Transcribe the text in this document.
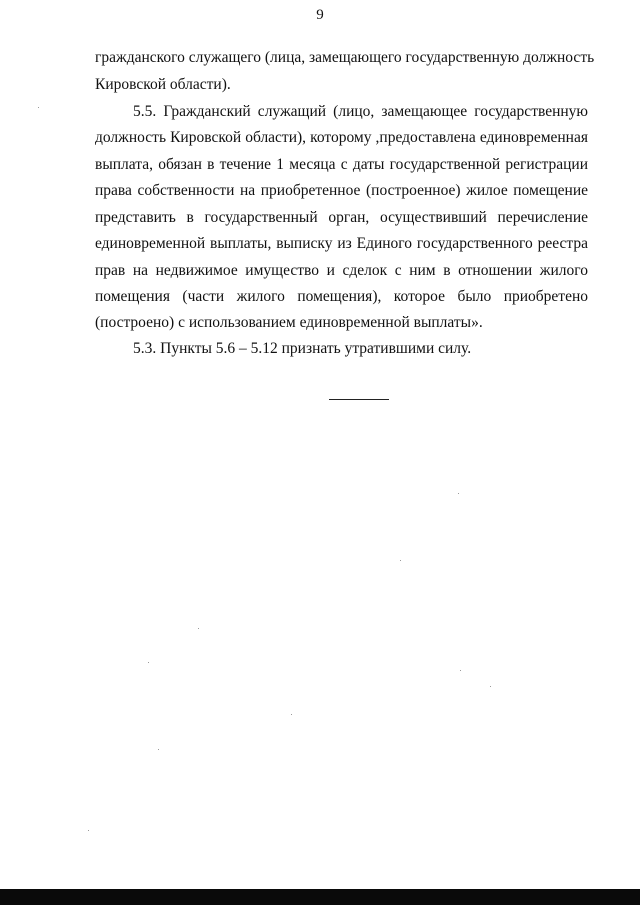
9
гражданского служащего (лица, замещающего государственную должность
Кировской области).
5.5. Гражданский служащий (лицо, замещающее государственную
должность Кировской области), которому ,предоставлена единовременная
выплата, обязан в течение 1 месяца с даты государственной регистрации
права собственности на приобретенное (построенное) жилое помещение
представить в государственный орган, осуществивший перечисление
единовременной выплаты, выписку из Единого государственного реестра
прав на недвижимое имущество и сделок с ним в отношении жилого
помещения (части жилого помещения), которое было приобретено
(построено) с использованием единовременной выплаты».
5.3. Пункты 5.6 – 5.12 признать утратившими силу.
